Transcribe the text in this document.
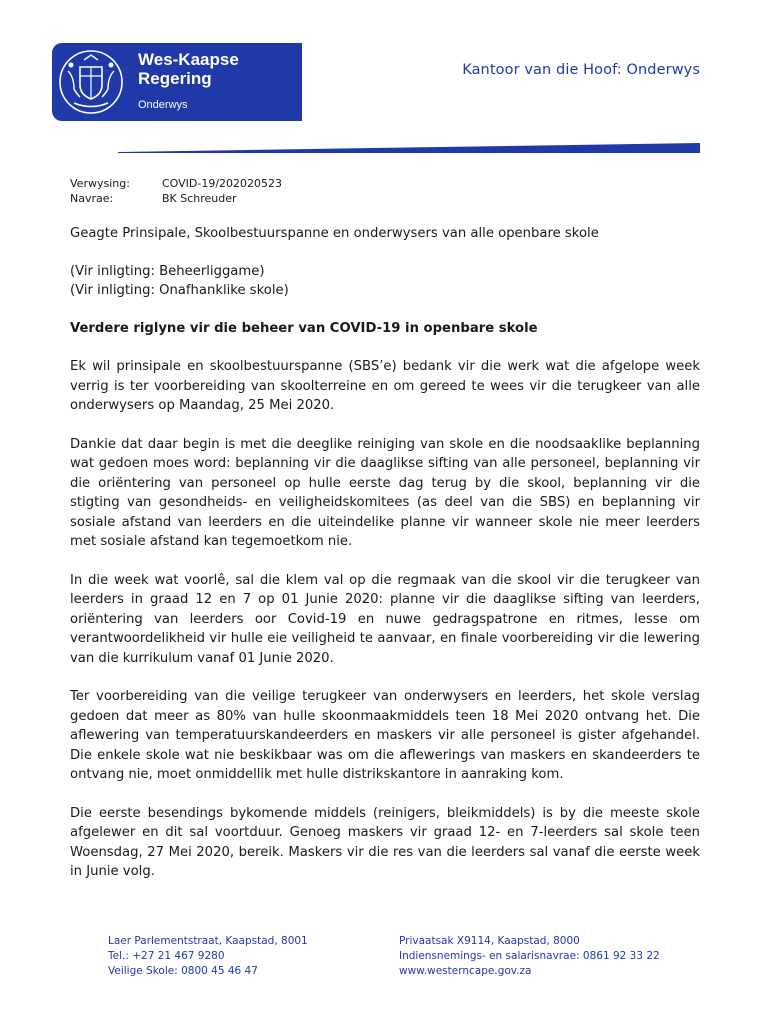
Wes-Kaapse
Regering
Onderwys
Kantoor van die Hoof: Onderwys
Verwysing:	COVID-19/202020523
Navrae:	BK Schreuder

Geagte Prinsipale, Skoolbestuurspanne en onderwysers van alle openbare skole

(Vir inligting: Beheerliggame)

(Vir inligting: Onafhanklike skole)

Verdere riglyne vir die beheer van COVID-19 in openbare skole

Ek wil prinsipale en skoolbestuurspanne (SBS’e) bedank vir die werk wat die afgelope week verrig is ter voorbereiding van skoolterreine en om gereed te wees vir die terugkeer van alle onderwysers op Maandag, 25 Mei 2020.

Dankie dat daar begin is met die deeglike reiniging van skole en die noodsaaklike beplanning wat gedoen moes word: beplanning vir die daaglikse sifting van alle personeel, beplanning vir die oriëntering van personeel op hulle eerste dag terug by die skool, beplanning vir die stigting van gesondheids- en veiligheidskomitees (as deel van die SBS) en beplanning vir sosiale afstand van leerders en die uiteindelike planne vir wanneer skole nie meer leerders met sosiale afstand kan tegemoetkom nie.

In die week wat voorlê, sal die klem val op die regmaak van die skool vir die terugkeer van leerders in graad 12 en 7 op 01 Junie 2020: planne vir die daaglikse sifting van leerders, oriëntering van leerders oor Covid-19 en nuwe gedragspatrone en ritmes, lesse om verantwoordelikheid vir hulle eie veiligheid te aanvaar, en finale voorbereiding vir die lewering van die kurrikulum vanaf 01 Junie 2020.

Ter voorbereiding van die veilige terugkeer van onderwysers en leerders, het skole verslag gedoen dat meer as 80% van hulle skoonmaakmiddels teen 18 Mei 2020 ontvang het. Die aflewering van temperatuurskandeerders en maskers vir alle personeel is gister afgehandel. Die enkele skole wat nie beskikbaar was om die aflewerings van maskers en skandeerders te ontvang nie, moet onmiddellik met hulle distrikskantore in aanraking kom.

Die eerste besendings bykomende middels (reinigers, bleikmiddels) is by die meeste skole afgelewer en dit sal voortduur. Genoeg maskers vir graad 12- en 7-leerders sal skole teen Woensdag, 27 Mei 2020, bereik. Maskers vir die res van die leerders sal vanaf die eerste week in Junie volg.

Laer Parlementstraat, Kaapstad, 8001
Tel.: +27 21 467 9280
Veilige Skole: 0800 45 46 47
Privaatsak X9114, Kaapstad, 8000
Indiensnemings- en salarisnavrae: 0861 92 33 22
www.westerncape.gov.za
